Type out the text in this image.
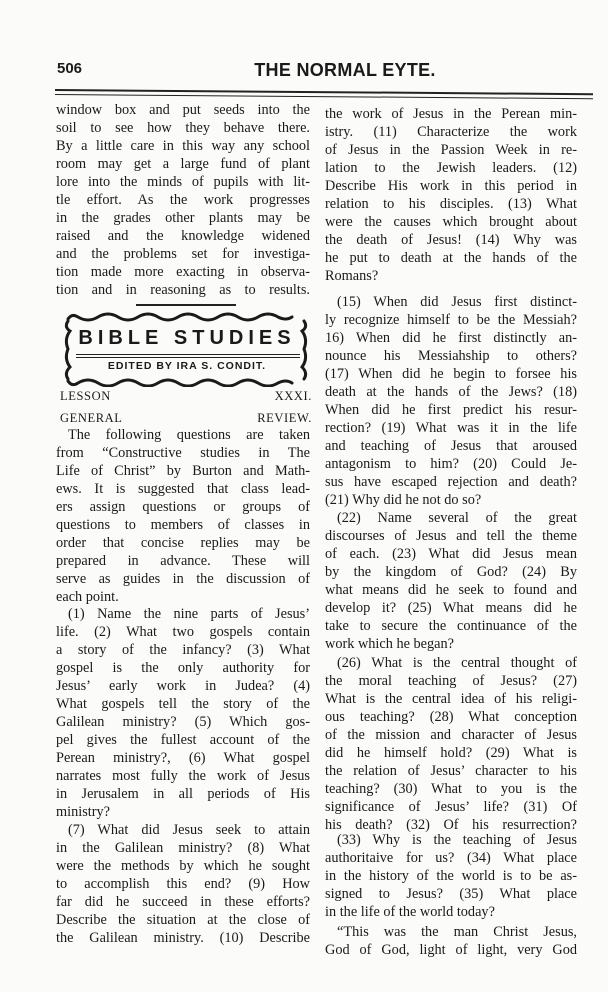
506	THE NORMAL EYTE.
window box and put seeds into the
soil to see how they behave there.
By a little care in this way any school
room may get a large fund of plant
lore into the minds of pupils with lit-
tle effort. As the work progresses
in the grades other plants may be
raised and the knowledge widened
and the problems set for investiga-
tion made more exacting in observa-
tion and in reasoning as to results.
The following questions are taken
from “Constructive studies in The
Life of Christ” by Burton and Math-
ews. It is suggested that class lead-
ers assign questions or groups of
questions to members of classes in
order that concise replies may be
prepared in advance. These will
serve as guides in the discussion of
each point.
(1) Name the nine parts of Jesus’
life. (2) What two gospels contain
a story of the infancy? (3) What
gospel is the only authority for
Jesus’ early work in Judea? (4)
What gospels tell the story of the
Galilean ministry? (5) Which gos-
pel gives the fullest account of the
Perean ministry?, (6) What gospel
narrates most fully the work of Jesus
in Jerusalem in all periods of His
ministry?
(7) What did Jesus seek to attain
in the Galilean ministry? (8) What
were the methods by which he sought
to accomplish this end? (9) How
far did he succeed in these efforts?
Describe the situation at the close of
the Galilean ministry. (10) Describe
the work of Jesus in the Perean min-
istry. (11) Characterize the work
of Jesus in the Passion Week in re-
lation to the Jewish leaders. (12)
Describe His work in this period in
relation to his disciples. (13) What
were the causes which brought about
the death of Jesus! (14) Why was
he put to death at the hands of the
Romans?
(15) When did Jesus first distinct-
ly recognize himself to be the Messiah?
16) When did he first distinctly an-
nounce his Messiahship to others?
(17) When did he begin to forsee his
death at the hands of the Jews? (18)
When did he first predict his resur-
rection? (19) What was it in the life
and teaching of Jesus that aroused
antagonism to him? (20) Could Je-
sus have escaped rejection and death?
(21) Why did he not do so?
(22) Name several of the great
discourses of Jesus and tell the theme
of each. (23) What did Jesus mean
by the kingdom of God? (24) By
what means did he seek to found and
develop it? (25) What means did he
take to secure the continuance of the
work which he began?
(26) What is the central thought of
the moral teaching of Jesus? (27)
What is the central idea of his religi-
ous teaching? (28) What conception
of the mission and character of Jesus
did he himself hold? (29) What is
the relation of Jesus’ character to his
teaching? (30) What to you is the
significance of Jesus’ life? (31) Of
his death? (32) Of his resurrection?
(33) Why is the teaching of Jesus
authoritaive for us? (34) What place
in the history of the world is to be as-
signed to Jesus? (35) What place
in the life of the world today?
“This was the man Christ Jesus,
God of God, light of light, very God
BIBLE STUDIES
EDITED BY IRA S. CONDIT.
LESSON XXXI.
GENERAL REVIEW.
